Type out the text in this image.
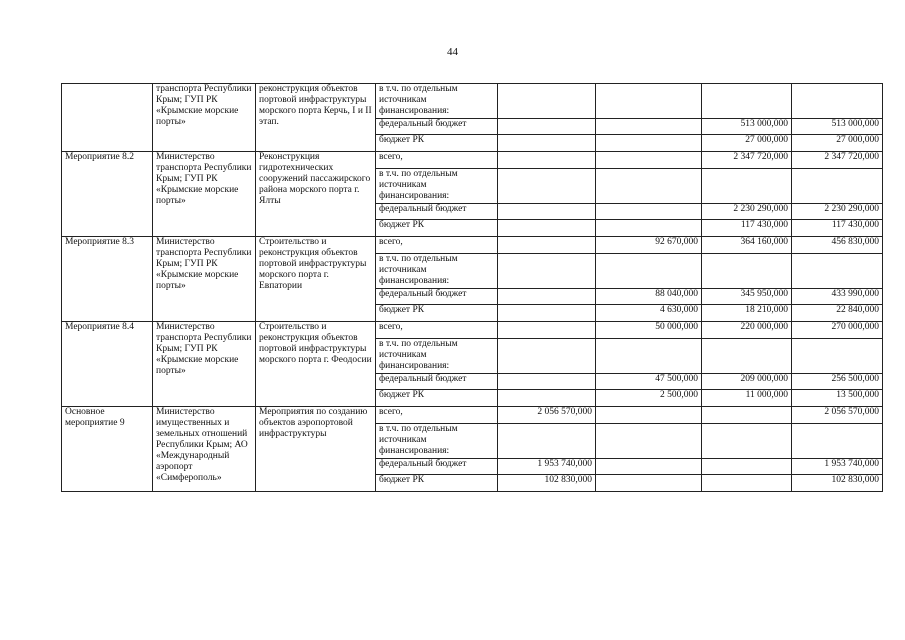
44
	транспорта Республики Крым; ГУП РК «Крымские морские порты»	реконструкция объектов портовой инфраструктуры морского порта Керчь, I и II этап.	в т.ч. по отдельным источникам финансирования:				
			федеральный бюджет			513 000,000	513 000,000
			бюджет РК			27 000,000	27 000,000
Мероприятие 8.2	Министерство транспорта Республики Крым; ГУП РК «Крымские морские порты»	Реконструкция гидротехнических сооружений пассажирского района морского порта г. Ялты	всего,			2 347 720,000	2 347 720,000
			в т.ч. по отдельным источникам финансирования:				
			федеральный бюджет			2 230 290,000	2 230 290,000
			бюджет РК			117 430,000	117 430,000
Мероприятие 8.3	Министерство транспорта Республики Крым; ГУП РК «Крымские морские порты»	Строительство и реконструкция объектов портовой инфраструктуры морского порта г. Евпатории	всего,		92 670,000	364 160,000	456 830,000
			в т.ч. по отдельным источникам финансирования:				
			федеральный бюджет		88 040,000	345 950,000	433 990,000
			бюджет РК		4 630,000	18 210,000	22 840,000
Мероприятие 8.4	Министерство транспорта Республики Крым; ГУП РК «Крымские морские порты»	Строительство и реконструкция объектов портовой инфраструктуры морского порта г. Феодосии	всего,		50 000,000	220 000,000	270 000,000
			в т.ч. по отдельным источникам финансирования:				
			федеральный бюджет		47 500,000	209 000,000	256 500,000
			бюджет РК		2 500,000	11 000,000	13 500,000
Основное мероприятие 9	Министерство имущественных и земельных отношений Республики Крым; АО «Международный аэропорт «Симферополь»	Мероприятия по созданию объектов аэропортовой инфраструктуры	всего,	2 056 570,000			2 056 570,000
			в т.ч. по отдельным источникам финансирования:				
			федеральный бюджет	1 953 740,000			1 953 740,000
			бюджет РК	102 830,000			102 830,000
